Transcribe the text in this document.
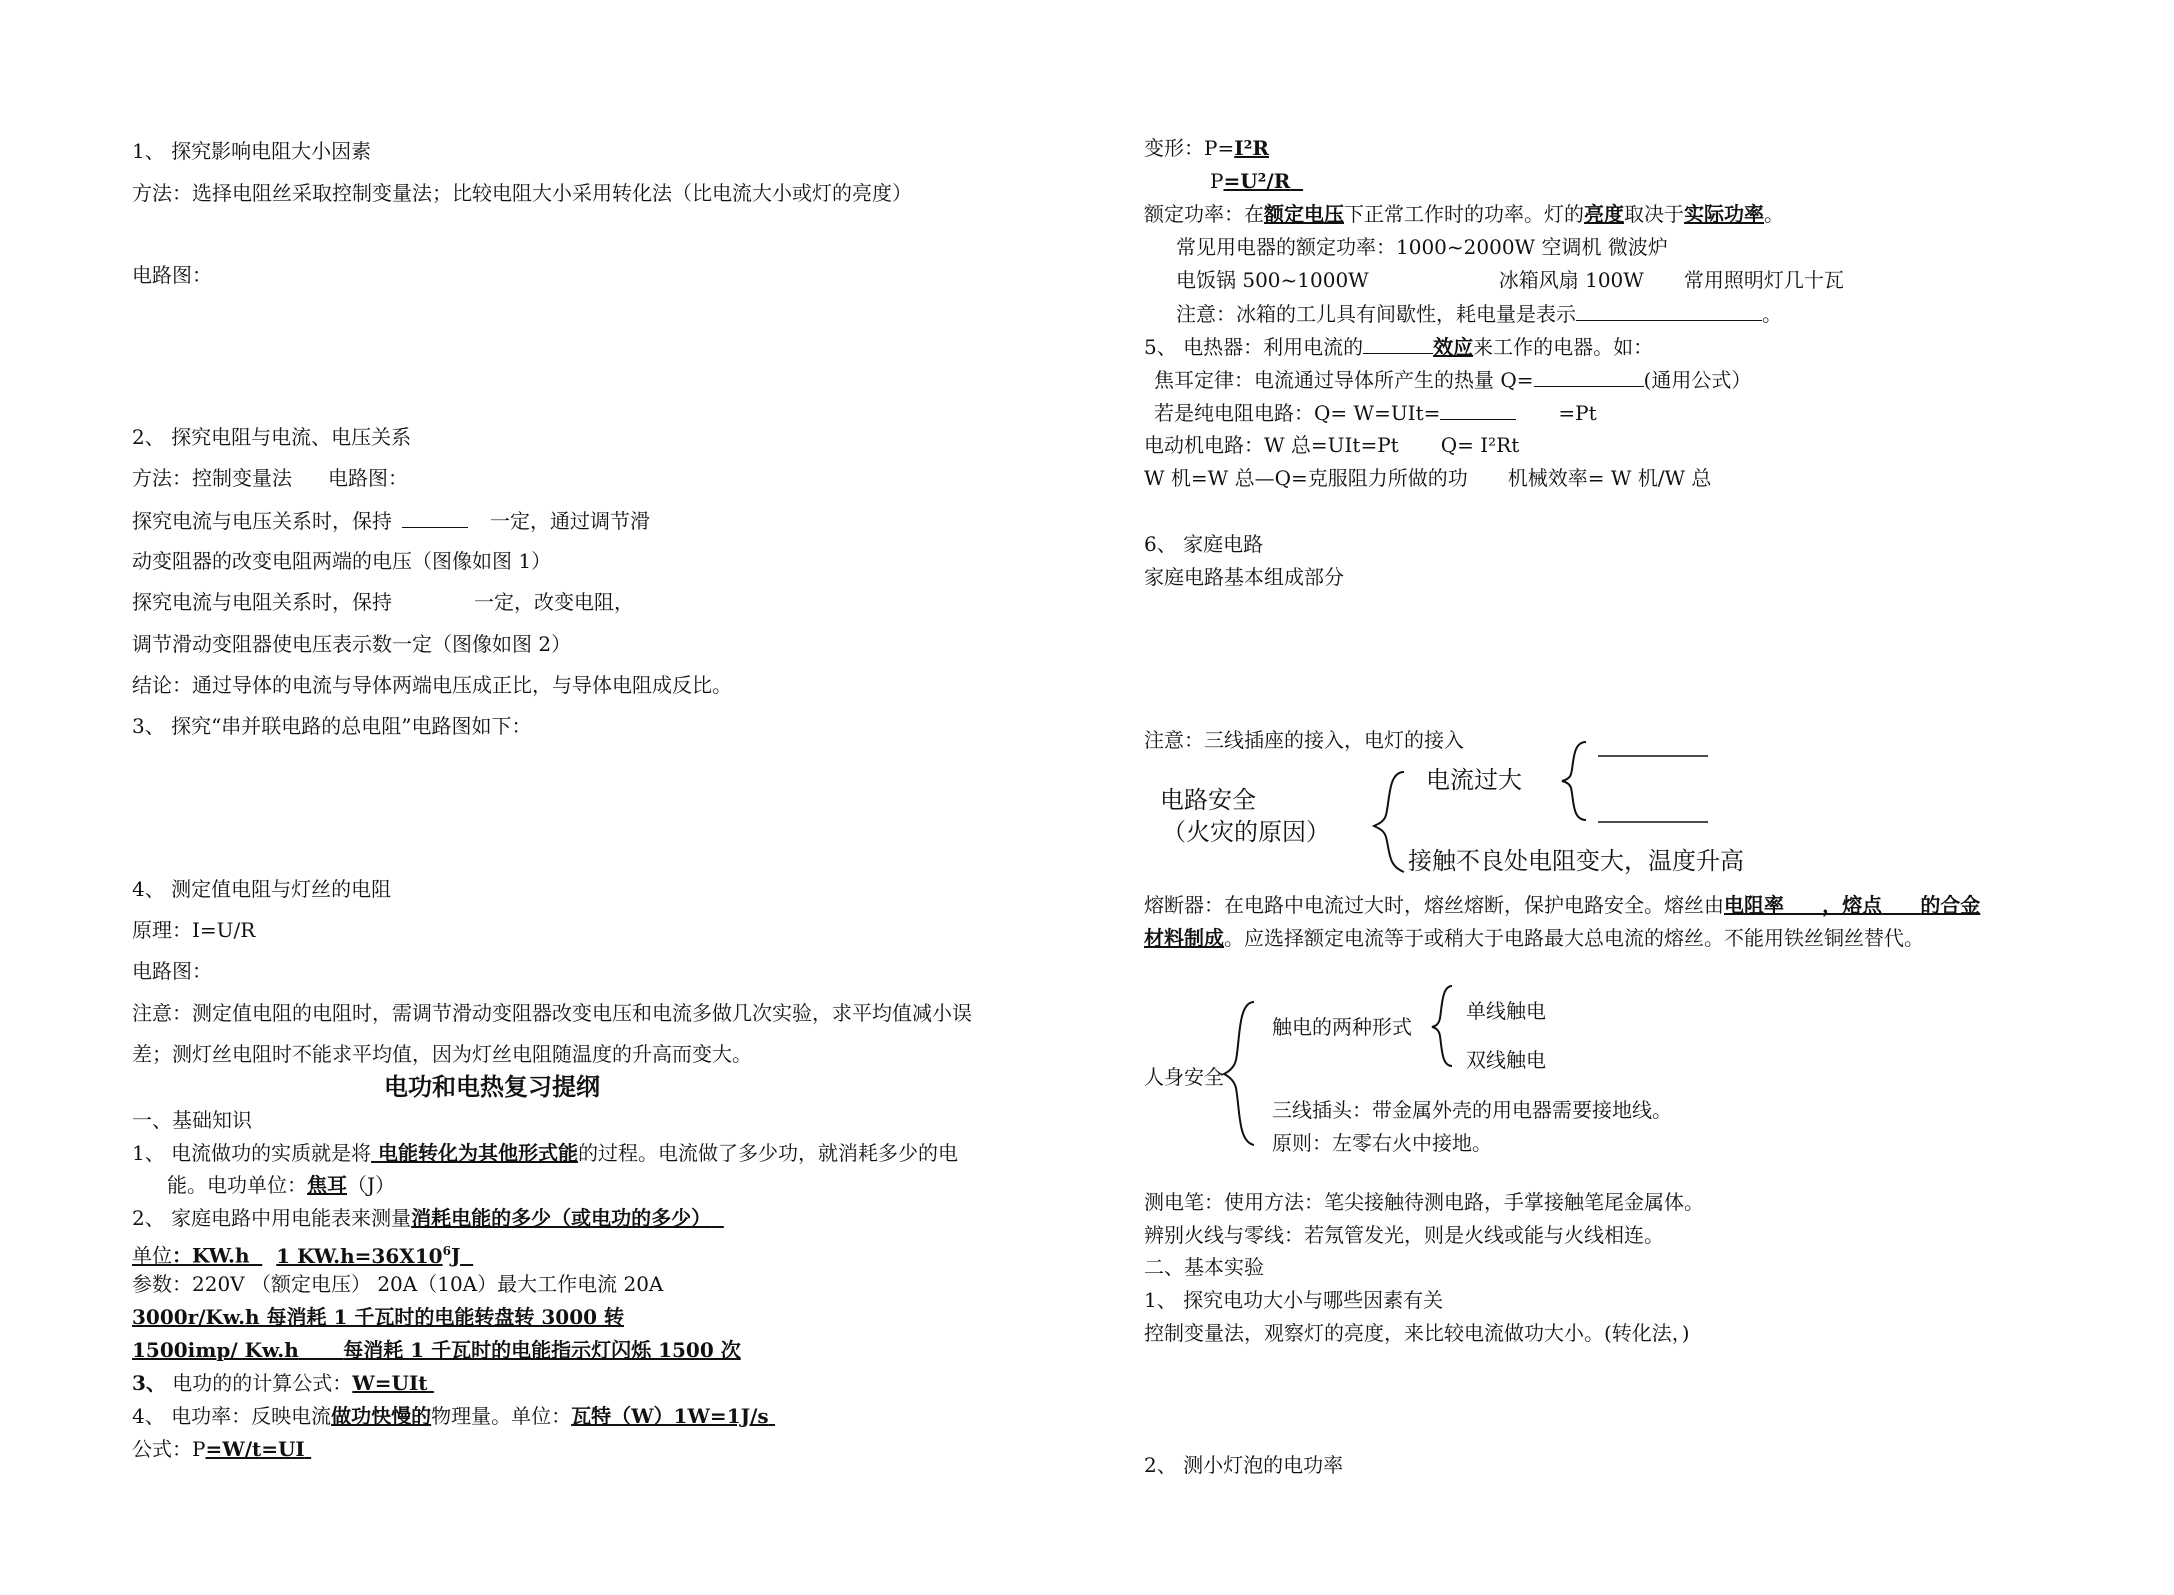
1、 探究影响电阻大小因素
方法：选择电阻丝采取控制变量法；比较电阻大小采用转化法（比电流大小或灯的亮度）
电路图：
2、 探究电阻与电流、电压关系
方法：控制变量法 电路图：
探究电流与电压关系时，保持	一定，通过调节滑
动变阻器的改变电阻两端的电压（图像如图 1）
探究电流与电阻关系时，保持	一定，改变电阻，
调节滑动变阻器使电压表示数一定（图像如图 2）
结论：通过导体的电流与导体两端电压成正比，与导体电阻成反比。
3、 探究“串并联电路的总电阻”电路图如下：
4、 测定值电阻与灯丝的电阻
原理：I=U/R
电路图：
注意：测定值电阻的电阻时，需调节滑动变阻器改变电压和电流多做几次实验，求平均值减小误
差；测灯丝电阻时不能求平均值，因为灯丝电阻随温度的升高而变大。
电功和电热复习提纲
一、基础知识
1、 电流做功的实质就是将 电能转化为其他形式能的过程。电流做了多少功，就消耗多少的电
能。电功单位：焦耳（J）
2、 家庭电路中用电能表来测量消耗电能的多少（或电功的多少）
单位：KW.h 1 $KW.h=36X10^6J$
参数：220V （额定电压） 20A（10A）最大工作电流 20A
3000r/Kw.h 每消耗 1 千瓦时的电能转盘转 3000 转
1500imp/ Kw.h 每消耗 1 千瓦时的电能指示灯闪烁 1500 次
3、 电功的的计算公式：W=UIt
4、 电功率：反映电流做功快慢的物理量。单位：瓦特（W）1W=1J/s
公式：P=W/t=UI
变形：P=I²R
P=U²/R
额定功率：在额定电压下正常工作时的功率。灯的亮度取决于实际功率。
常见用电器的额定功率：1000~2000W 空调机 微波炉
电饭锅 500~1000W	冰箱风扇 100W 常用照明灯几十瓦
注意：冰箱的工儿具有间歇性，耗电量是表示	。
5、 电热器：利用电流的	效应来工作的电器。如：
焦耳定律：电流通过导体所产生的热量 Q=	(通用公式）
若是纯电阻电路：Q= W=UIt=	=Pt
电动机电路：W 总=UIt=Pt Q= I²Rt
W 机=W 总—Q=克服阻力所做的功 机械效率= W 机/W 总
6、 家庭电路
家庭电路基本组成部分
注意：三线插座的接入，电灯的接入
电路安全
（火灾的原因）
电流过大
接触不良处电阻变大，温度升高
熔断器：在电路中电流过大时，熔丝熔断，保护电路安全。熔丝由电阻率 ，熔点 的合金
材料制成。应选择额定电流等于或稍大于电路最大总电流的熔丝。不能用铁丝铜丝替代。
触电的两种形式
单线触电
双线触电
人身安全
三线插头：带金属外壳的用电器需要接地线。
原则：左零右火中接地。
测电笔：使用方法：笔尖接触待测电路，手掌接触笔尾金属体。
辨别火线与零线：若氖管发光，则是火线或能与火线相连。
二、基本实验
1、 探究电功大小与哪些因素有关
控制变量法，观察灯的亮度，来比较电流做功大小。(转化法，)
2、 测小灯泡的电功率
